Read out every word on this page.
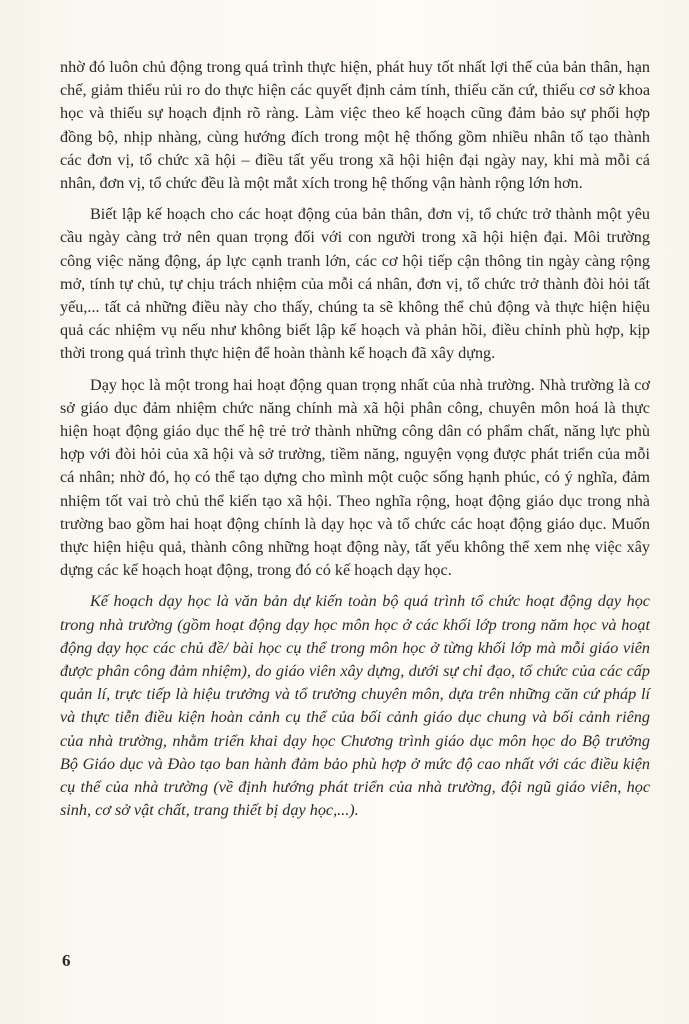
nhờ đó luôn chủ động trong quá trình thực hiện, phát huy tốt nhất lợi thế của bản thân, hạn chế, giảm thiểu rủi ro do thực hiện các quyết định cảm tính, thiếu căn cứ, thiếu cơ sở khoa học và thiếu sự hoạch định rõ ràng. Làm việc theo kế hoạch cũng đảm bảo sự phối hợp đồng bộ, nhịp nhàng, cùng hướng đích trong một hệ thống gồm nhiều nhân tố tạo thành các đơn vị, tổ chức xã hội – điều tất yếu trong xã hội hiện đại ngày nay, khi mà mỗi cá nhân, đơn vị, tổ chức đều là một mắt xích trong hệ thống vận hành rộng lớn hơn.

Biết lập kế hoạch cho các hoạt động của bản thân, đơn vị, tổ chức trở thành một yêu cầu ngày càng trở nên quan trọng đối với con người trong xã hội hiện đại. Môi trường công việc năng động, áp lực cạnh tranh lớn, các cơ hội tiếp cận thông tin ngày càng rộng mở, tính tự chủ, tự chịu trách nhiệm của mỗi cá nhân, đơn vị, tổ chức trở thành đòi hỏi tất yếu,... tất cả những điều này cho thấy, chúng ta sẽ không thể chủ động và thực hiện hiệu quả các nhiệm vụ nếu như không biết lập kế hoạch và phản hồi, điều chỉnh phù hợp, kịp thời trong quá trình thực hiện để hoàn thành kế hoạch đã xây dựng.

Dạy học là một trong hai hoạt động quan trọng nhất của nhà trường. Nhà trường là cơ sở giáo dục đảm nhiệm chức năng chính mà xã hội phân công, chuyên môn hoá là thực hiện hoạt động giáo dục thế hệ trẻ trở thành những công dân có phẩm chất, năng lực phù hợp với đòi hỏi của xã hội và sở trường, tiềm năng, nguyện vọng được phát triển của mỗi cá nhân; nhờ đó, họ có thể tạo dựng cho mình một cuộc sống hạnh phúc, có ý nghĩa, đảm nhiệm tốt vai trò chủ thể kiến tạo xã hội. Theo nghĩa rộng, hoạt động giáo dục trong nhà trường bao gồm hai hoạt động chính là dạy học và tổ chức các hoạt động giáo dục. Muốn thực hiện hiệu quả, thành công những hoạt động này, tất yếu không thể xem nhẹ việc xây dựng các kế hoạch hoạt động, trong đó có kế hoạch dạy học.

Kế hoạch dạy học là văn bản dự kiến toàn bộ quá trình tổ chức hoạt động dạy học trong nhà trường (gồm hoạt động dạy học môn học ở các khối lớp trong năm học và hoạt động dạy học các chủ đề/ bài học cụ thể trong môn học ở từng khối lớp mà mỗi giáo viên được phân công đảm nhiệm), do giáo viên xây dựng, dưới sự chỉ đạo, tổ chức của các cấp quản lí, trực tiếp là hiệu trưởng và tổ trưởng chuyên môn, dựa trên những căn cứ pháp lí và thực tiễn điều kiện hoàn cảnh cụ thể của bối cảnh giáo dục chung và bối cảnh riêng của nhà trường, nhằm triển khai dạy học Chương trình giáo dục môn học do Bộ trưởng Bộ Giáo dục và Đào tạo ban hành đảm bảo phù hợp ở mức độ cao nhất với các điều kiện cụ thể của nhà trường (về định hướng phát triển của nhà trường, đội ngũ giáo viên, học sinh, cơ sở vật chất, trang thiết bị dạy học,...).

6
